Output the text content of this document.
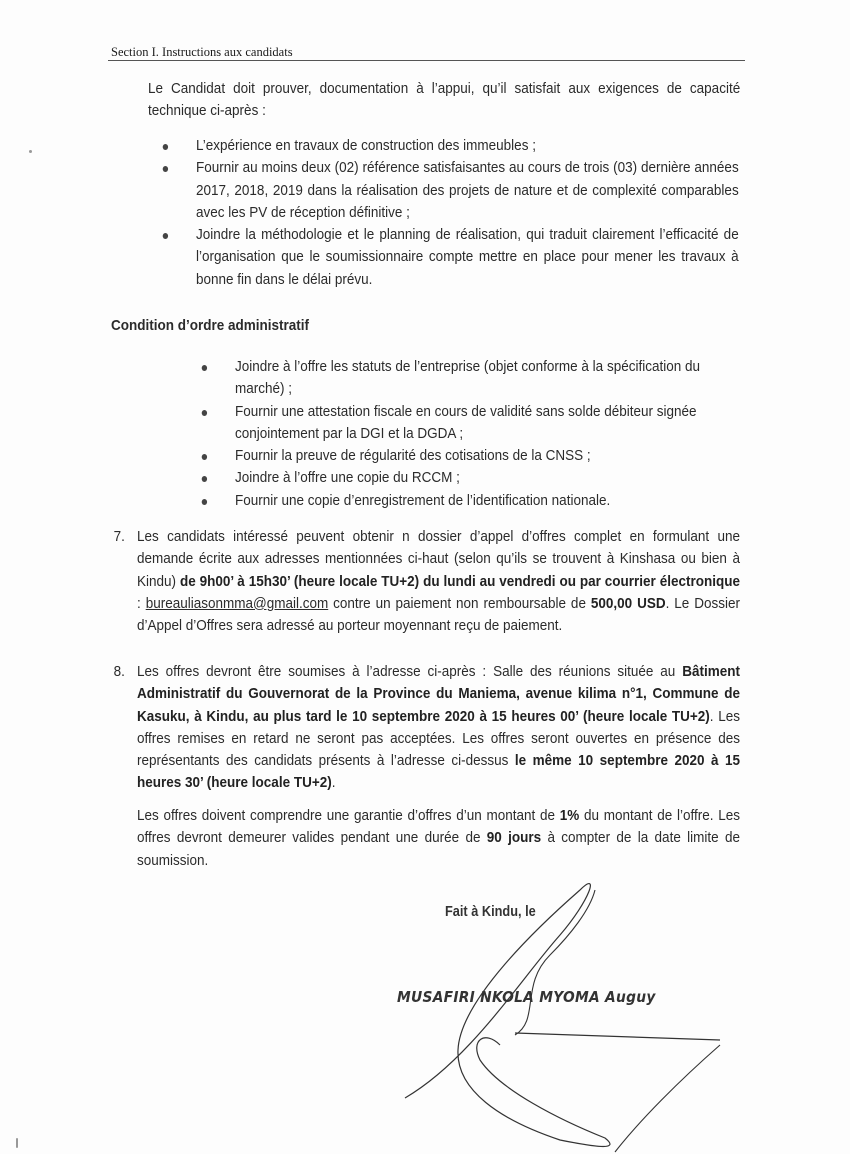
Section I. Instructions aux candidats
Le Candidat doit prouver, documentation à l’appui, qu’il satisfait aux exigences de capacité technique ci-après :
L’expérience en travaux de construction des immeubles ;
Fournir au moins deux (02) référence satisfaisantes au cours de trois (03) dernière années 2017, 2018, 2019 dans la réalisation des projets de nature et de complexité comparables avec les PV de réception définitive ;
Joindre la méthodologie et le planning de réalisation, qui traduit clairement l’efficacité de l’organisation que le soumissionnaire compte mettre en place pour mener les travaux à bonne fin dans le délai prévu.
Condition d’ordre administratif
Joindre à l’offre les statuts de l’entreprise (objet conforme à la spécification du marché) ;
Fournir une attestation fiscale en cours de validité sans solde débiteur signée conjointement par la DGI et la DGDA ;
Fournir la preuve de régularité des cotisations de la CNSS ;
Joindre à l’offre une copie du RCCM ;
Fournir une copie d’enregistrement de l’identification nationale.
7. Les candidats intéressé peuvent obtenir n dossier d’appel d’offres complet en formulant une demande écrite aux adresses mentionnées ci-haut (selon qu’ils se trouvent à Kinshasa ou bien à Kindu) de 9h00’ à 15h30’ (heure locale TU+2) du lundi au vendredi ou par courrier électronique : bureauliasonmma@gmail.com contre un paiement non remboursable de 500,00 USD. Le Dossier d’Appel d’Offres sera adressé au porteur moyennant reçu de paiement.
8. Les offres devront être soumises à l’adresse ci-après : Salle des réunions située au Bâtiment Administratif du Gouvernorat de la Province du Maniema, avenue kilima n°1, Commune de Kasuku, à Kindu, au plus tard le 10 septembre 2020 à 15 heures 00’ (heure locale TU+2). Les offres remises en retard ne seront pas acceptées. Les offres seront ouvertes en présence des représentants des candidats présents à l’adresse ci-dessus le même 10 septembre 2020 à 15 heures 30’ (heure locale TU+2).
Les offres doivent comprendre une garantie d’offres d’un montant de 1% du montant de l’offre. Les offres devront demeurer valides pendant une durée de 90 jours à compter de la date limite de soumission.
Fait à Kindu, le
MUSAFIRI NKOLA MYOMA Auguy
